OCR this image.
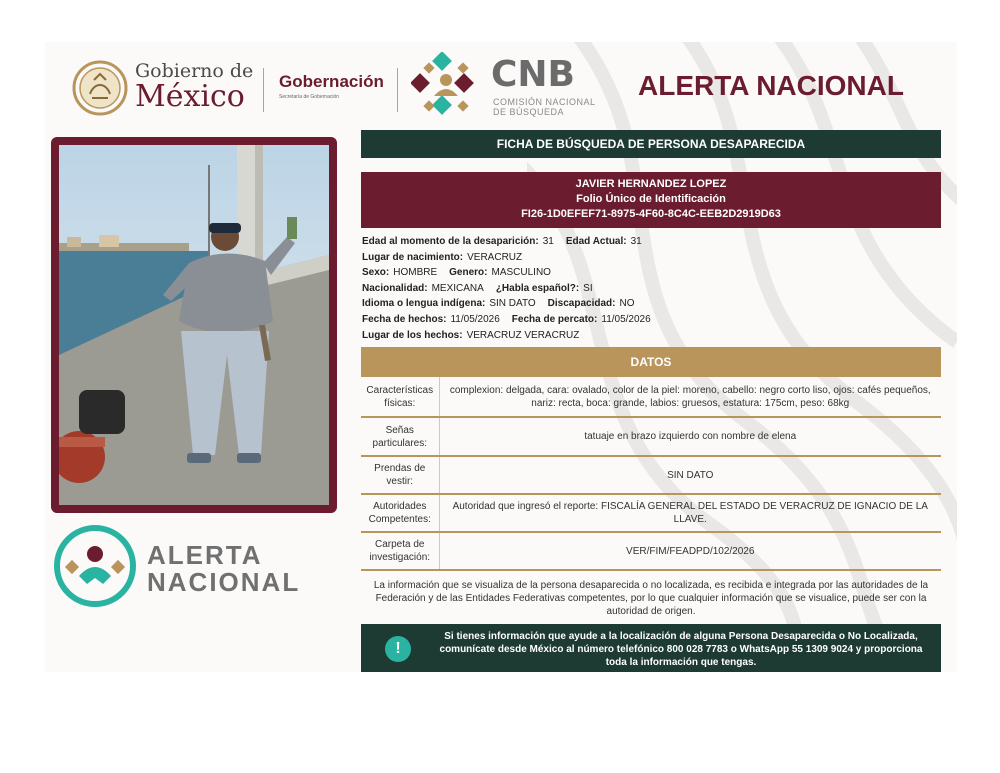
Gobierno de
México	Gobernación
Secretaría de Gobernación
CNB
COMISIÓN NACIONAL
DE BÚSQUEDA
ALERTA NACIONAL
ALERTA
NACIONAL
FICHA DE BÚSQUEDA DE PERSONA DESAPARECIDA
JAVIER HERNANDEZ LOPEZ
Folio Único de Identificación
FI26-1D0EFEF71-8975-4F60-8C4C-EEB2D2919D63
Edad al momento de la desaparición: 31 Edad Actual: 31
Lugar de nacimiento: VERACRUZ
Sexo: HOMBRE Genero: MASCULINO
Nacionalidad: MEXICANA ¿Habla español?: SI
Idioma o lengua indígena: SIN DATO Discapacidad: NO
Fecha de hechos: 11/05/2026 Fecha de percato: 11/05/2026
Lugar de los hechos: VERACRUZ VERACRUZ
DATOS
Características físicas:	complexion: delgada, cara: ovalado, color de la piel: moreno, cabello: negro corto liso, ojos: cafés pequeños, nariz: recta, boca: grande, labios: gruesos, estatura: 175cm, peso: 68kg
Señas particulares:	tatuaje en brazo izquierdo con nombre de elena
Prendas de vestir:	SIN DATO
Autoridades Competentes:	Autoridad que ingresó el reporte: FISCALÍA GENERAL DEL ESTADO DE VERACRUZ DE IGNACIO DE LA LLAVE.
Carpeta de investigación:	VER/FIM/FEADPD/102/2026
La información que se visualiza de la persona desaparecida o no localizada, es recibida e integrada por las autoridades de la Federación y de las Entidades Federativas competentes, por lo que cualquier información que se visualice, puede ser con la autoridad de origen.
!
Si tienes información que ayude a la localización de alguna Persona Desaparecida o No Localizada, comunícate desde México al número telefónico 800 028 7783 o WhatsApp 55 1309 9024 y proporciona toda la información que tengas.
